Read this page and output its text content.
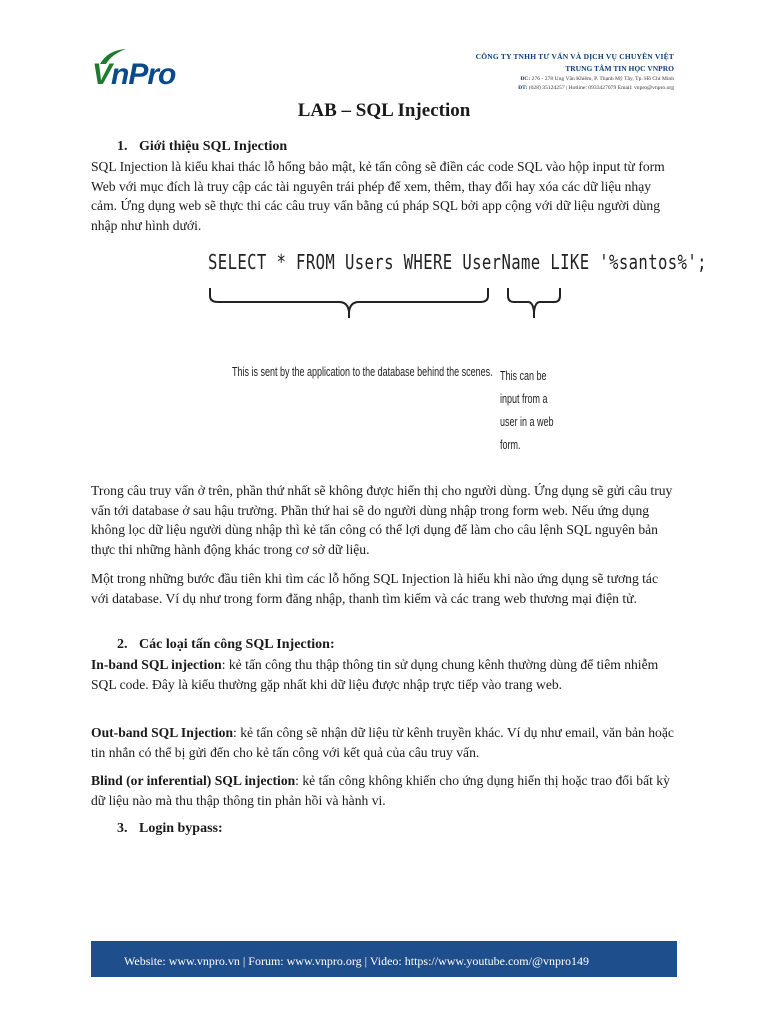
VnPro
CÔNG TY TNHH TƯ VẤN VÀ DỊCH VỤ CHUYÊN VIỆT
TRUNG TÂM TIN HỌC VNPRO
ĐC: 276 - 278 Ung Văn Khiêm, P. Thạnh Mỹ Tây, Tp. Hồ Chí Minh
ĐT: (028) 35124257 | Hotline: 0933427079 Email: vnpro@vnpro.org
LAB – SQL Injection
1. Giới thiệu SQL Injection
SQL Injection là kiểu khai thác lỗ hổng bảo mật, kẻ tấn công sẽ điền các code SQL vào hộp input từ form Web với mục đích là truy cập các tài nguyên trái phép để xem, thêm, thay đổi hay xóa các dữ liệu nhạy cảm. Ứng dụng web sẽ thực thi các câu truy vấn bằng cú pháp SQL bởi app cộng với dữ liệu người dùng nhập như hình dưới.
SELECT * FROM Users WHERE UserName LIKE '%santos%';
This is sent by the application to the database behind the scenes. This can be
input from a
user in a web
form.
Trong câu truy vấn ở trên, phần thứ nhất sẽ không được hiển thị cho người dùng. Ứng dụng sẽ gửi câu truy vấn tới database ở sau hậu trường. Phần thứ hai sẽ do người dùng nhập trong form web. Nếu ứng dụng không lọc dữ liệu người dùng nhập thì kẻ tấn công có thể lợi dụng để làm cho câu lệnh SQL nguyên bản thực thi những hành động khác trong cơ sở dữ liệu.
Một trong những bước đầu tiên khi tìm các lỗ hổng SQL Injection là hiểu khi nào ứng dụng sẽ tương tác với database. Ví dụ như trong form đăng nhập, thanh tìm kiếm và các trang web thương mại điện tử.
2. Các loại tấn công SQL Injection:
In-band SQL injection: kẻ tấn công thu thập thông tin sử dụng chung kênh thường dùng để tiêm nhiễm SQL code. Đây là kiểu thường gặp nhất khi dữ liệu được nhập trực tiếp vào trang web.
Out-band SQL Injection: kẻ tấn công sẽ nhận dữ liệu từ kênh truyền khác. Ví dụ như email, văn bản hoặc tin nhắn có thể bị gửi đến cho kẻ tấn công với kết quả của câu truy vấn.
Blind (or inferential) SQL injection: kẻ tấn công không khiến cho ứng dụng hiển thị hoặc trao đổi bất kỳ dữ liệu nào mà thu thập thông tin phản hồi và hành vi.
3. Login bypass:
Website: www.vnpro.vn | Forum: www.vnpro.org | Video: https://www.youtube.com/@vnpro149
